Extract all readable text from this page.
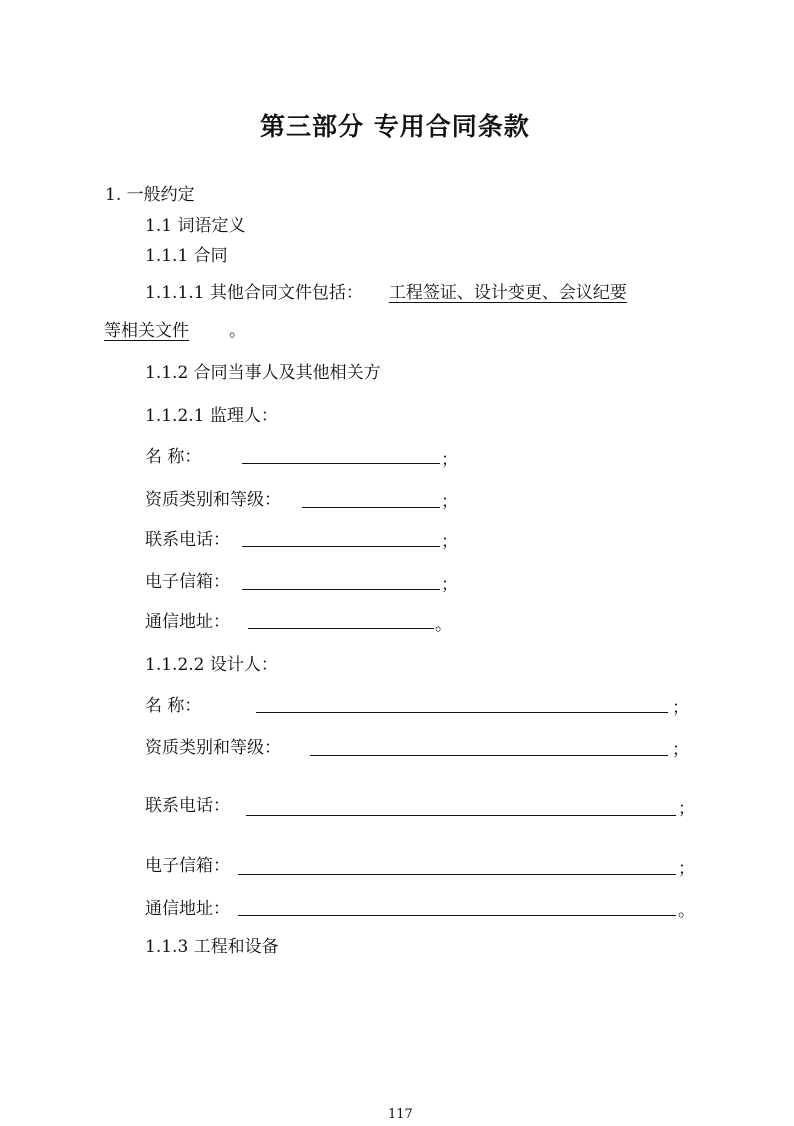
第三部分 专用合同条款
1. 一般约定
1.1 词语定义
1.1.1 合同
1.1.1.1 其他合同文件包括： 工程签证、设计变更、会议纪要
等相关文件 。
1.1.2 合同当事人及其他相关方
1.1.2.1 监理人：
名 称：	；
资质类别和等级：	；
联系电话：	；
电子信箱：	；
通信地址：	。
1.1.2.2 设计人：
名 称：	；
资质类别和等级：	；
联系电话：	；
电子信箱：	；
通信地址：	。
1.1.3 工程和设备
117
